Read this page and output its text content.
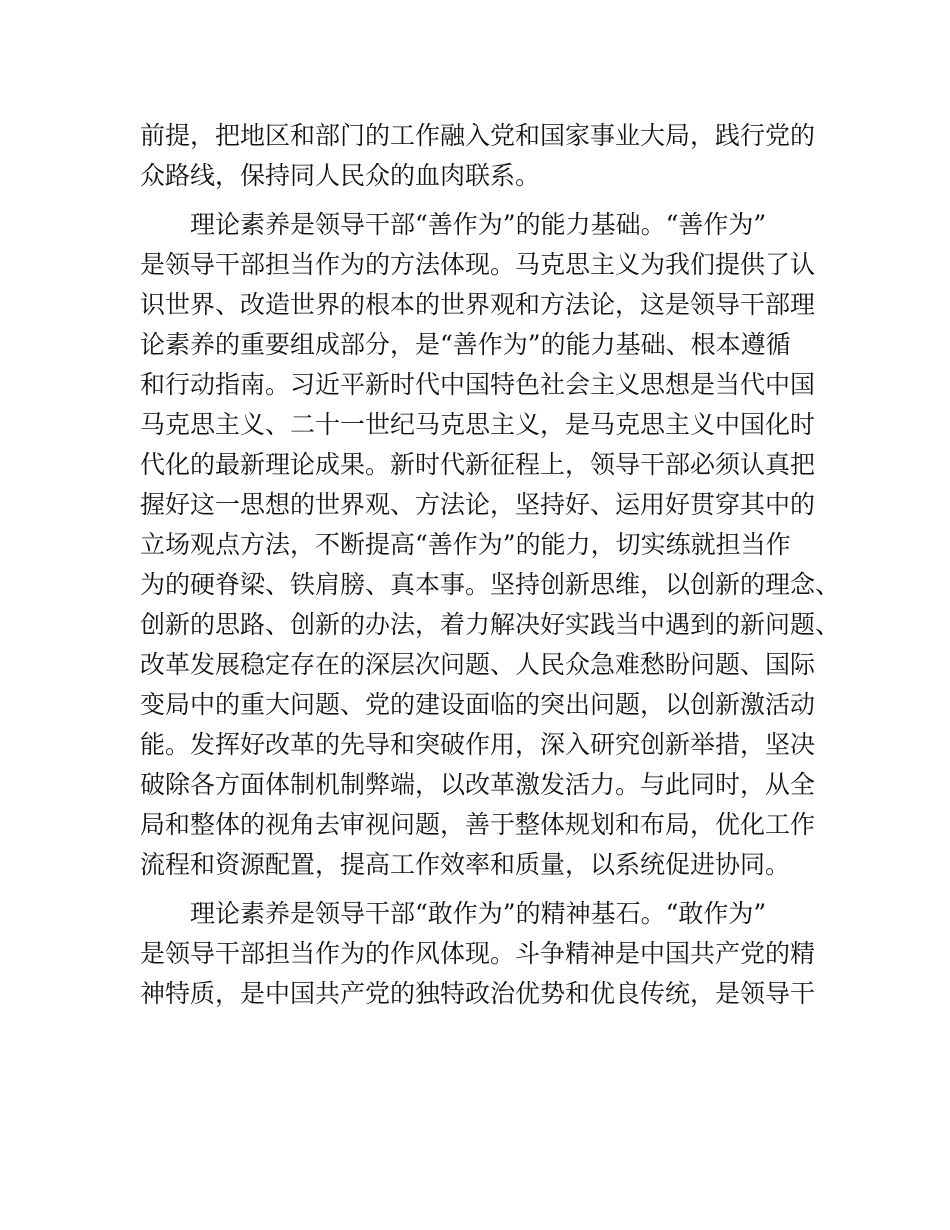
前提，把地区和部门的工作融入党和国家事业大局，践行党的
众路线，保持同人民众的血肉联系。

理论素养是领导干部“善作为”的能力基础。“善作为”
是领导干部担当作为的方法体现。马克思主义为我们提供了认
识世界、改造世界的根本的世界观和方法论，这是领导干部理
论素养的重要组成部分，是“善作为”的能力基础、根本遵循
和行动指南。习近平新时代中国特色社会主义思想是当代中国
马克思主义、二十一世纪马克思主义，是马克思主义中国化时
代化的最新理论成果。新时代新征程上，领导干部必须认真把
握好这一思想的世界观、方法论，坚持好、运用好贯穿其中的
立场观点方法，不断提高“善作为”的能力，切实练就担当作
为的硬脊梁、铁肩膀、真本事。坚持创新思维，以创新的理念、
创新的思路、创新的办法，着力解决好实践当中遇到的新问题、
改革发展稳定存在的深层次问题、人民众急难愁盼问题、国际
变局中的重大问题、党的建设面临的突出问题，以创新激活动
能。发挥好改革的先导和突破作用，深入研究创新举措，坚决
破除各方面体制机制弊端，以改革激发活力。与此同时，从全
局和整体的视角去审视问题，善于整体规划和布局，优化工作
流程和资源配置，提高工作效率和质量，以系统促进协同。

理论素养是领导干部“敢作为”的精神基石。“敢作为”
是领导干部担当作为的作风体现。斗争精神是中国共产党的精
神特质，是中国共产党的独特政治优势和优良传统，是领导干
